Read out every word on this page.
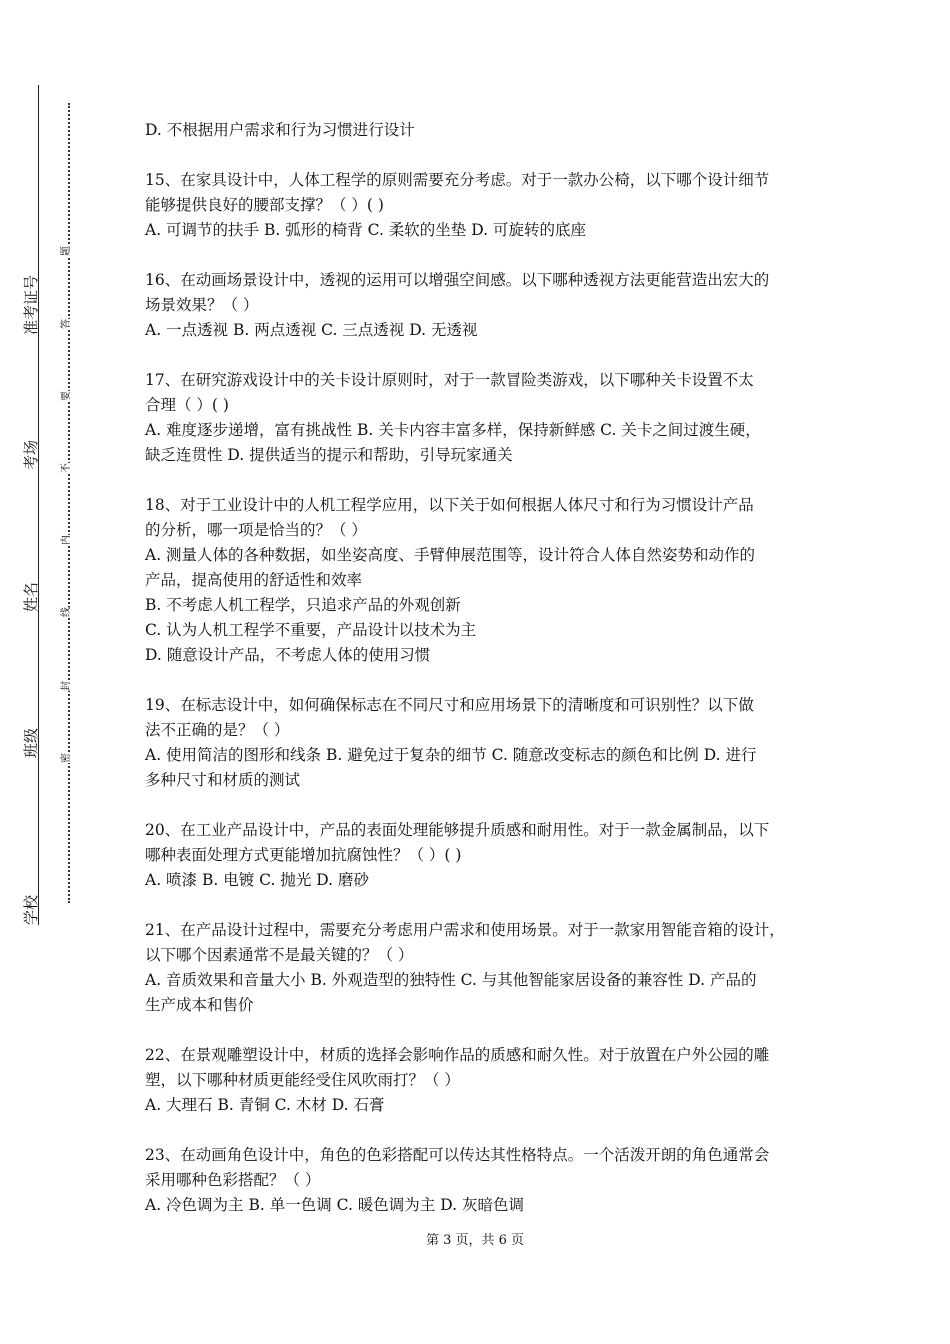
准考证号
考场
姓名
班级
学校
题
答
要
不
内
线
封
密

D. 不根据用户需求和行为习惯进行设计

15、在家具设计中，人体工程学的原则需要充分考虑。对于一款办公椅，以下哪个设计细节

能够提供良好的腰部支撑？（ ）( )

A. 可调节的扶手 B. 弧形的椅背 C. 柔软的坐垫 D. 可旋转的底座

16、在动画场景设计中，透视的运用可以增强空间感。以下哪种透视方法更能营造出宏大的

场景效果？（ ）

A. 一点透视 B. 两点透视 C. 三点透视 D. 无透视

17、在研究游戏设计中的关卡设计原则时，对于一款冒险类游戏，以下哪种关卡设置不太

合理（ ）( )

A. 难度逐步递增，富有挑战性 B. 关卡内容丰富多样，保持新鲜感 C. 关卡之间过渡生硬，

缺乏连贯性 D. 提供适当的提示和帮助，引导玩家通关

18、对于工业设计中的人机工程学应用，以下关于如何根据人体尺寸和行为习惯设计产品

的分析，哪一项是恰当的？（ ）

A. 测量人体的各种数据，如坐姿高度、手臂伸展范围等，设计符合人体自然姿势和动作的

产品，提高使用的舒适性和效率

B. 不考虑人机工程学，只追求产品的外观创新

C. 认为人机工程学不重要，产品设计以技术为主

D. 随意设计产品，不考虑人体的使用习惯

19、在标志设计中，如何确保标志在不同尺寸和应用场景下的清晰度和可识别性？以下做

法不正确的是？（ ）

A. 使用简洁的图形和线条 B. 避免过于复杂的细节 C. 随意改变标志的颜色和比例 D. 进行

多种尺寸和材质的测试

20、在工业产品设计中，产品的表面处理能够提升质感和耐用性。对于一款金属制品，以下

哪种表面处理方式更能增加抗腐蚀性？（ ）( )

A. 喷漆 B. 电镀 C. 抛光 D. 磨砂

21、在产品设计过程中，需要充分考虑用户需求和使用场景。对于一款家用智能音箱的设计，

以下哪个因素通常不是最关键的？（ ）

A. 音质效果和音量大小 B. 外观造型的独特性 C. 与其他智能家居设备的兼容性 D. 产品的

生产成本和售价

22、在景观雕塑设计中，材质的选择会影响作品的质感和耐久性。对于放置在户外公园的雕

塑，以下哪种材质更能经受住风吹雨打？（ ）

A. 大理石 B. 青铜 C. 木材 D. 石膏

23、在动画角色设计中，角色的色彩搭配可以传达其性格特点。一个活泼开朗的角色通常会

采用哪种色彩搭配？（ ）

A. 冷色调为主 B. 单一色调 C. 暖色调为主 D. 灰暗色调

第 3 页，共 6 页
